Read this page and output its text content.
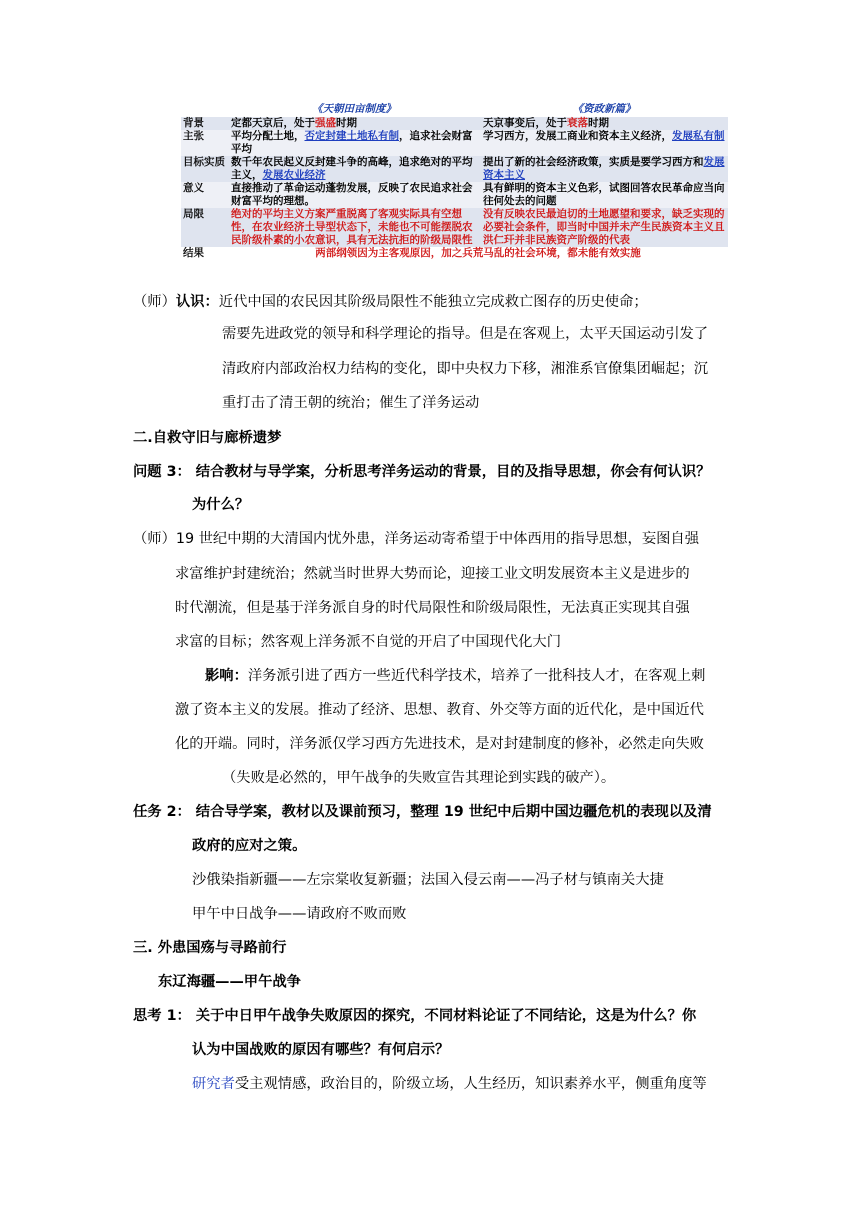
	《天朝田亩制度》	《资政新篇》
背景	定都天京后，处于强盛时期	天京事变后，处于衰落时期
主张	平均分配土地，否定封建土地私有制，追求社会财富平均	学习西方，发展工商业和资本主义经济，发展私有制
目标实质	数千年农民起义反封建斗争的高峰，追求绝对的平均主义，发展农业经济	提出了新的社会经济政策，实质是要学习西方和发展资本主义
意义	直接推动了革命运动蓬勃发展，反映了农民追求社会财富平均的理想。	具有鲜明的资本主义色彩，试图回答农民革命应当向往何处去的问题
局限	绝对的平均主义方案严重脱离了客观实际具有空想性，在农业经济土导型状态下，未能也不可能摆脱农民阶级朴素的小农意识，具有无法抗拒的阶级局限性	没有反映农民最迫切的土地愿望和要求，缺乏实现的必要社会条件，即当时中国并未产生民族资本主义且洪仁玕并非民族资产阶级的代表
结果	两部纲领因为主客观原因，加之兵荒马乱的社会环境，都未能有效实施	
（师）认识：近代中国的农民因其阶级局限性不能独立完成救亡图存的历史使命；
需要先进政党的领导和科学理论的指导。但是在客观上，太平天国运动引发了
清政府内部政治权力结构的变化，即中央权力下移，湘淮系官僚集团崛起；沉
重打击了清王朝的统治；催生了洋务运动
二.自救守旧与廊桥遗梦
问题 3： 结合教材与导学案，分析思考洋务运动的背景，目的及指导思想，你会有何认识？
为什么？
（师）19 世纪中期的大清国内忧外患，洋务运动寄希望于中体西用的指导思想，妄图自强
求富维护封建统治；然就当时世界大势而论，迎接工业文明发展资本主义是进步的
时代潮流，但是基于洋务派自身的时代局限性和阶级局限性，无法真正实现其自强
求富的目标；然客观上洋务派不自觉的开启了中国现代化大门
影响：洋务派引进了西方一些近代科学技术，培养了一批科技人才，在客观上刺
激了资本主义的发展。推动了经济、思想、教育、外交等方面的近代化，是中国近代
化的开端。同时，洋务派仅学习西方先进技术，是对封建制度的修补，必然走向失败
（失败是必然的，甲午战争的失败宣告其理论到实践的破产）。
任务 2： 结合导学案，教材以及课前预习，整理 19 世纪中后期中国边疆危机的表现以及清
政府的应对之策。
沙俄染指新疆——左宗棠收复新疆；法国入侵云南——冯子材与镇南关大捷
甲午中日战争——请政府不败而败
三. 外患国殇与寻路前行
东辽海疆——甲午战争
思考 1： 关于中日甲午战争失败原因的探究，不同材料论证了不同结论，这是为什么？你
认为中国战败的原因有哪些？有何启示？
研究者受主观情感，政治目的，阶级立场，人生经历，知识素养水平，侧重角度等
